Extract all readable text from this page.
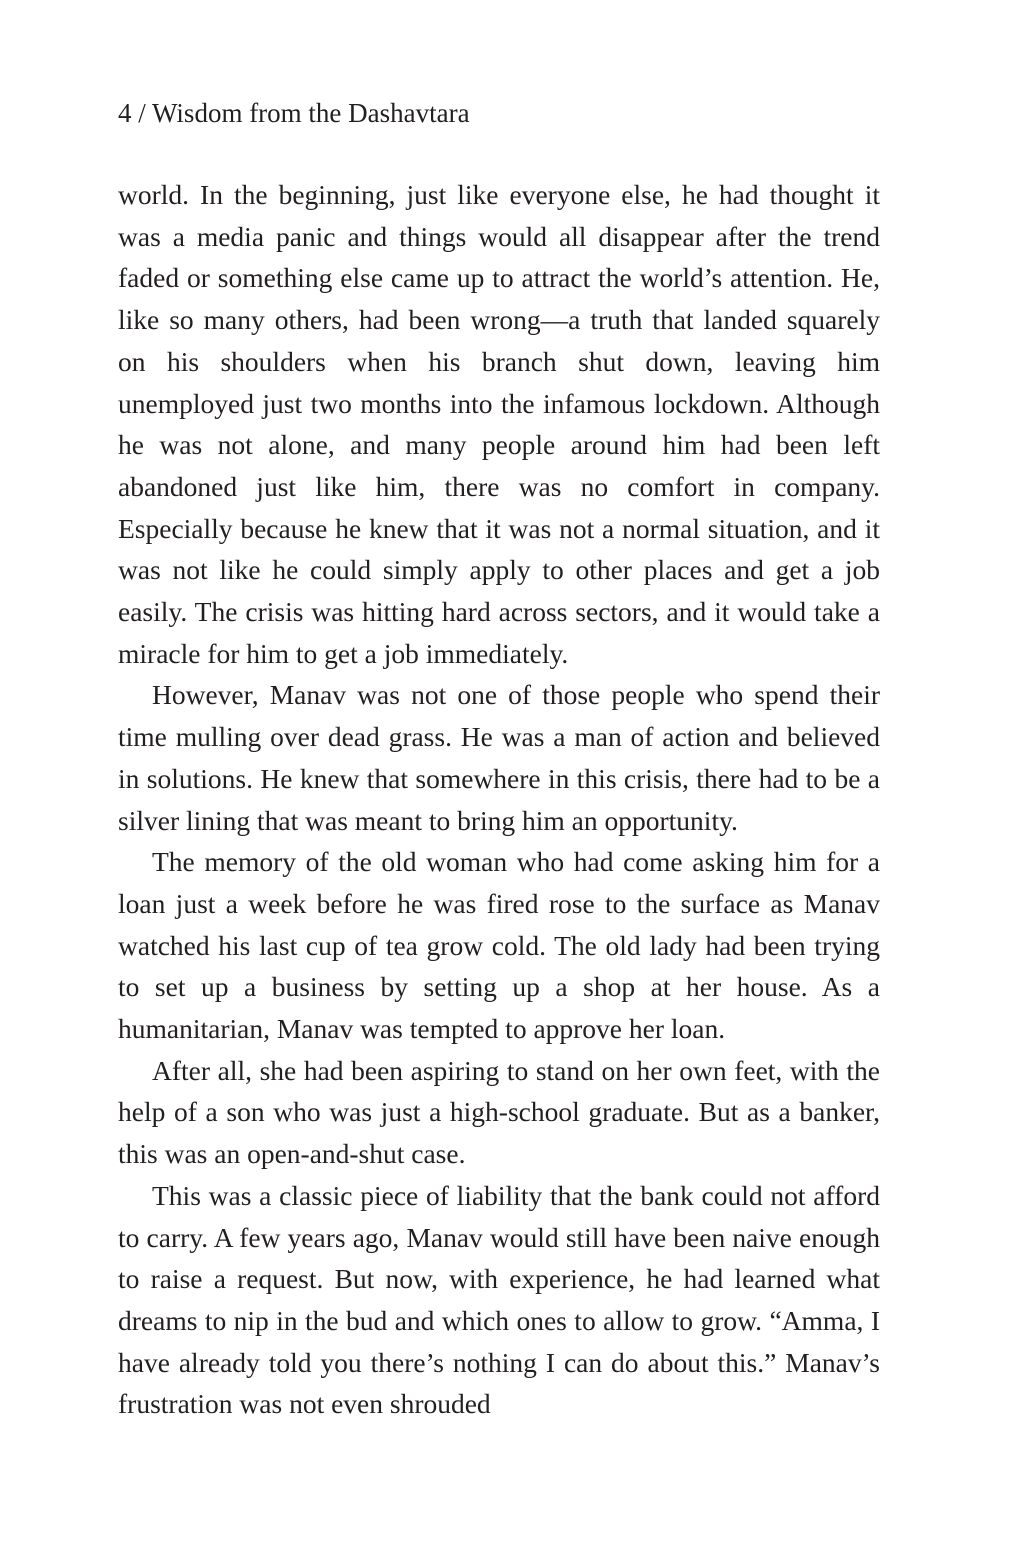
4 / Wisdom from the Dashavtara

world. In the beginning, just like everyone else, he had thought it was a media panic and things would all disappear after the trend faded or something else came up to attract the world’s attention. He, like so many others, had been wrong—a truth that landed squarely on his shoulders when his branch shut down, leaving him unemployed just two months into the infamous lockdown. Although he was not alone, and many people around him had been left abandoned just like him, there was no comfort in company. Especially because he knew that it was not a normal situation, and it was not like he could simply apply to other places and get a job easily. The crisis was hitting hard across sectors, and it would take a miracle for him to get a job immediately.

However, Manav was not one of those people who spend their time mulling over dead grass. He was a man of action and believed in solutions. He knew that somewhere in this crisis, there had to be a silver lining that was meant to bring him an opportunity.

The memory of the old woman who had come asking him for a loan just a week before he was fired rose to the surface as Manav watched his last cup of tea grow cold. The old lady had been trying to set up a business by setting up a shop at her house. As a humanitarian, Manav was tempted to approve her loan.

After all, she had been aspiring to stand on her own feet, with the help of a son who was just a high-school graduate. But as a banker, this was an open-and-shut case.

This was a classic piece of liability that the bank could not afford to carry. A few years ago, Manav would still have been naive enough to raise a request. But now, with experience, he had learned what dreams to nip in the bud and which ones to allow to grow. “Amma, I have already told you there’s nothing I can do about this.” Manav’s frustration was not even shrouded
